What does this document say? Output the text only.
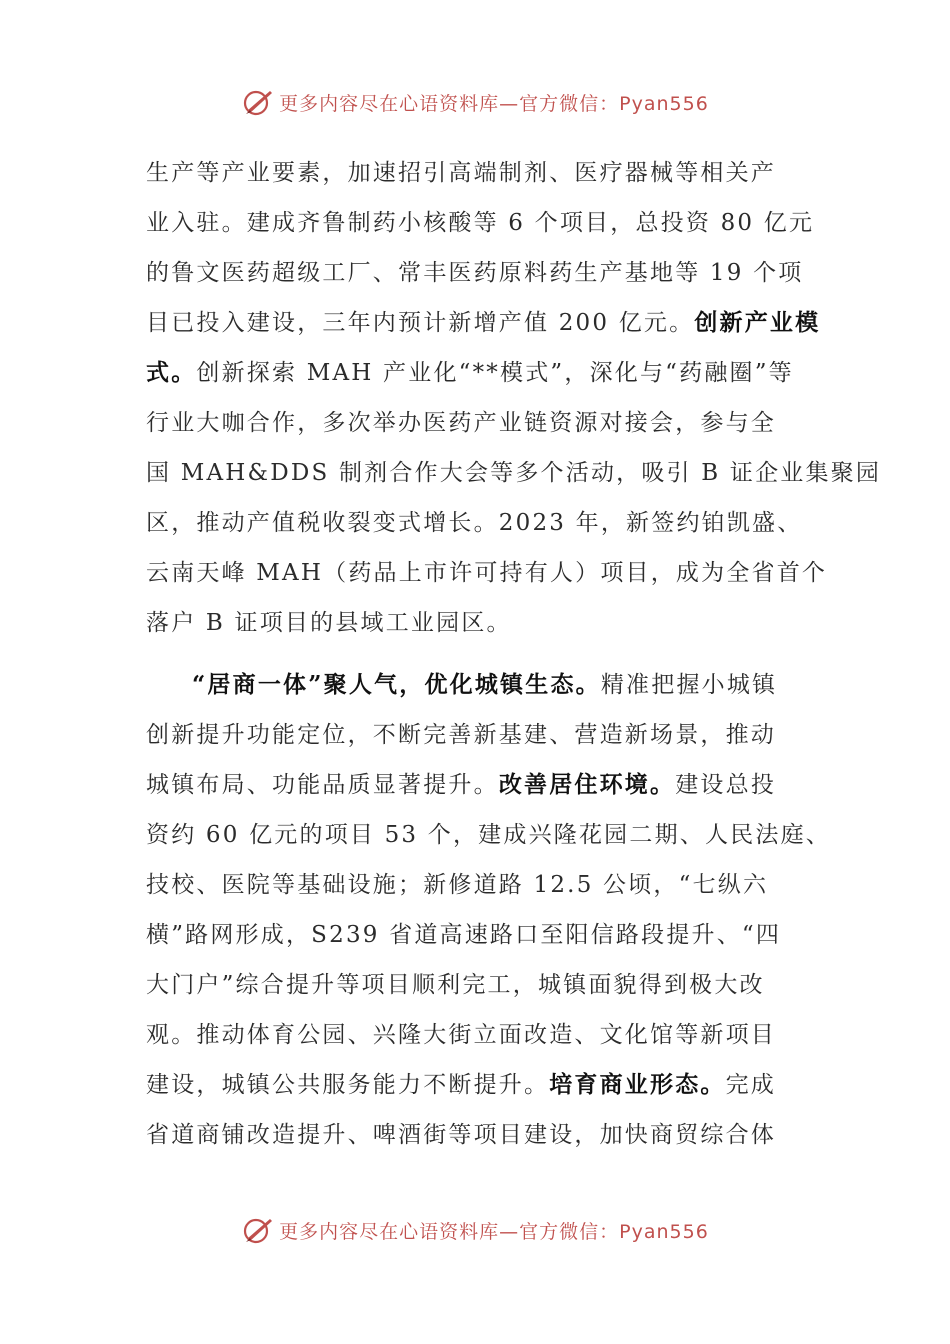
更多内容尽在心语资料库—官方微信：Pyan556

生产等产业要素，加速招引高端制剂、医疗器械等相关产
业入驻。建成齐鲁制药小核酸等 6 个项目，总投资 80 亿元
的鲁文医药超级工厂、常丰医药原料药生产基地等 19 个项
目已投入建设，三年内预计新增产值 200 亿元。创新产业模
式。创新探索 MAH 产业化“**模式”，深化与“药融圈”等
行业大咖合作，多次举办医药产业链资源对接会，参与全
国 MAH&DDS 制剂合作大会等多个活动，吸引 B 证企业集聚园
区，推动产值税收裂变式增长。2023 年，新签约铂凯盛、
云南天峰 MAH（药品上市许可持有人）项目，成为全省首个
落户 B 证项目的县域工业园区。

“居商一体”聚人气，优化城镇生态。精准把握小城镇
创新提升功能定位，不断完善新基建、营造新场景，推动
城镇布局、功能品质显著提升。改善居住环境。建设总投
资约 60 亿元的项目 53 个，建成兴隆花园二期、人民法庭、
技校、医院等基础设施；新修道路 12.5 公顷，“七纵六
横”路网形成，S239 省道高速路口至阳信路段提升、“四
大门户”综合提升等项目顺利完工，城镇面貌得到极大改
观。推动体育公园、兴隆大街立面改造、文化馆等新项目
建设，城镇公共服务能力不断提升。培育商业形态。完成
省道商铺改造提升、啤酒街等项目建设，加快商贸综合体

更多内容尽在心语资料库—官方微信：Pyan556
